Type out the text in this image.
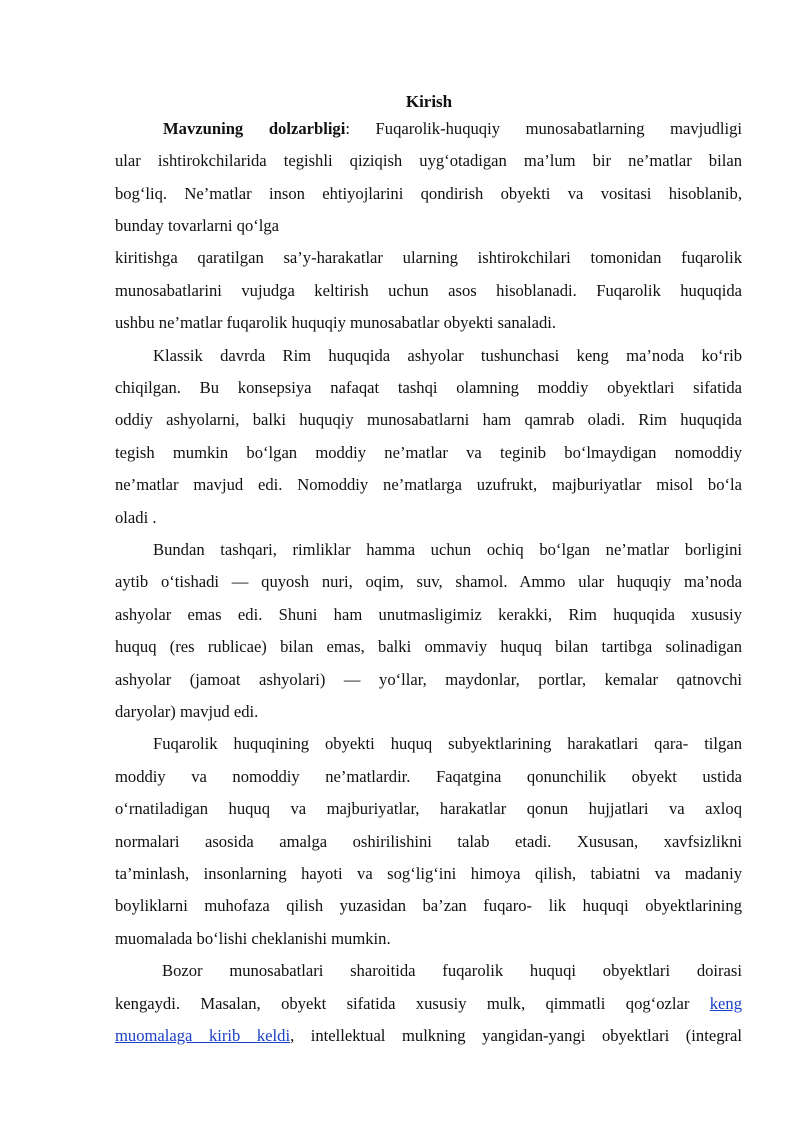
Kirish
Mavzuning dolzarbligi: Fuqarolik-huquqiy munosabatlarning mavjudligi
ular ishtirokchilarida tegishli qiziqish uyg‘otadigan ma’lum bir ne’matlar bilan
bog‘liq. Ne’matlar inson ehtiyojlarini qondirish obyekti va vositasi hisoblanib,
bunday tovarlarni qo‘lga
kiritishga qaratilgan sa’y-harakatlar ularning ishtirokchilari tomonidan fuqarolik
munosabatlarini vujudga keltirish uchun asos hisoblanadi. Fuqarolik huquqida
ushbu ne’matlar fuqarolik huquqiy munosabatlar obyekti sanaladi.
Klassik davrda Rim huquqida ashyolar tushunchasi keng ma’noda ko‘rib
chiqilgan. Bu konsepsiya nafaqat tashqi olamning moddiy obyektlari sifatida
oddiy ashyolarni, balki huquqiy munosabatlarni ham qamrab oladi. Rim huquqida
tegish mumkin bo‘lgan moddiy ne’matlar va teginib bo‘lmaydigan nomoddiy
ne’matlar mavjud edi. Nomoddiy ne’matlarga uzufrukt, majburiyatlar misol bo‘la
oladi .
Bundan tashqari, rimliklar hamma uchun ochiq bo‘lgan ne’matlar borligini
aytib o‘tishadi — quyosh nuri, oqim, suv, shamol. Ammo ular huquqiy ma’noda
ashyolar emas edi. Shuni ham unutmasligimiz kerakki, Rim huquqida xususiy
huquq (res rublicae) bilan emas, balki ommaviy huquq bilan tartibga solinadigan
ashyolar (jamoat ashyolari) — yo‘llar, maydonlar, portlar, kemalar qatnovchi
daryolar) mavjud edi.
Fuqarolik huquqining obyekti huquq subyektlarining harakatlari qara- tilgan
moddiy va nomoddiy ne’matlardir. Faqatgina qonunchilik obyekt ustida
o‘rnatiladigan huquq va majburiyatlar, harakatlar qonun hujjatlari va axloq
normalari asosida amalga oshirilishini talab etadi. Xususan, xavfsizlikni
ta’minlash, insonlarning hayoti va sog‘lig‘ini himoya qilish, tabiatni va madaniy
boyliklarni muhofaza qilish yuzasidan ba’zan fuqaro- lik huquqi obyektlarining
muomalada bo‘lishi cheklanishi mumkin.
Bozor munosabatlari sharoitida fuqarolik huquqi obyektlari doirasi
kengaydi. Masalan, obyekt sifatida xususiy mulk, qimmatli qog‘ozlar keng
muomalaga kirib keldi, intellektual mulkning yangidan-yangi obyektlari (integral
